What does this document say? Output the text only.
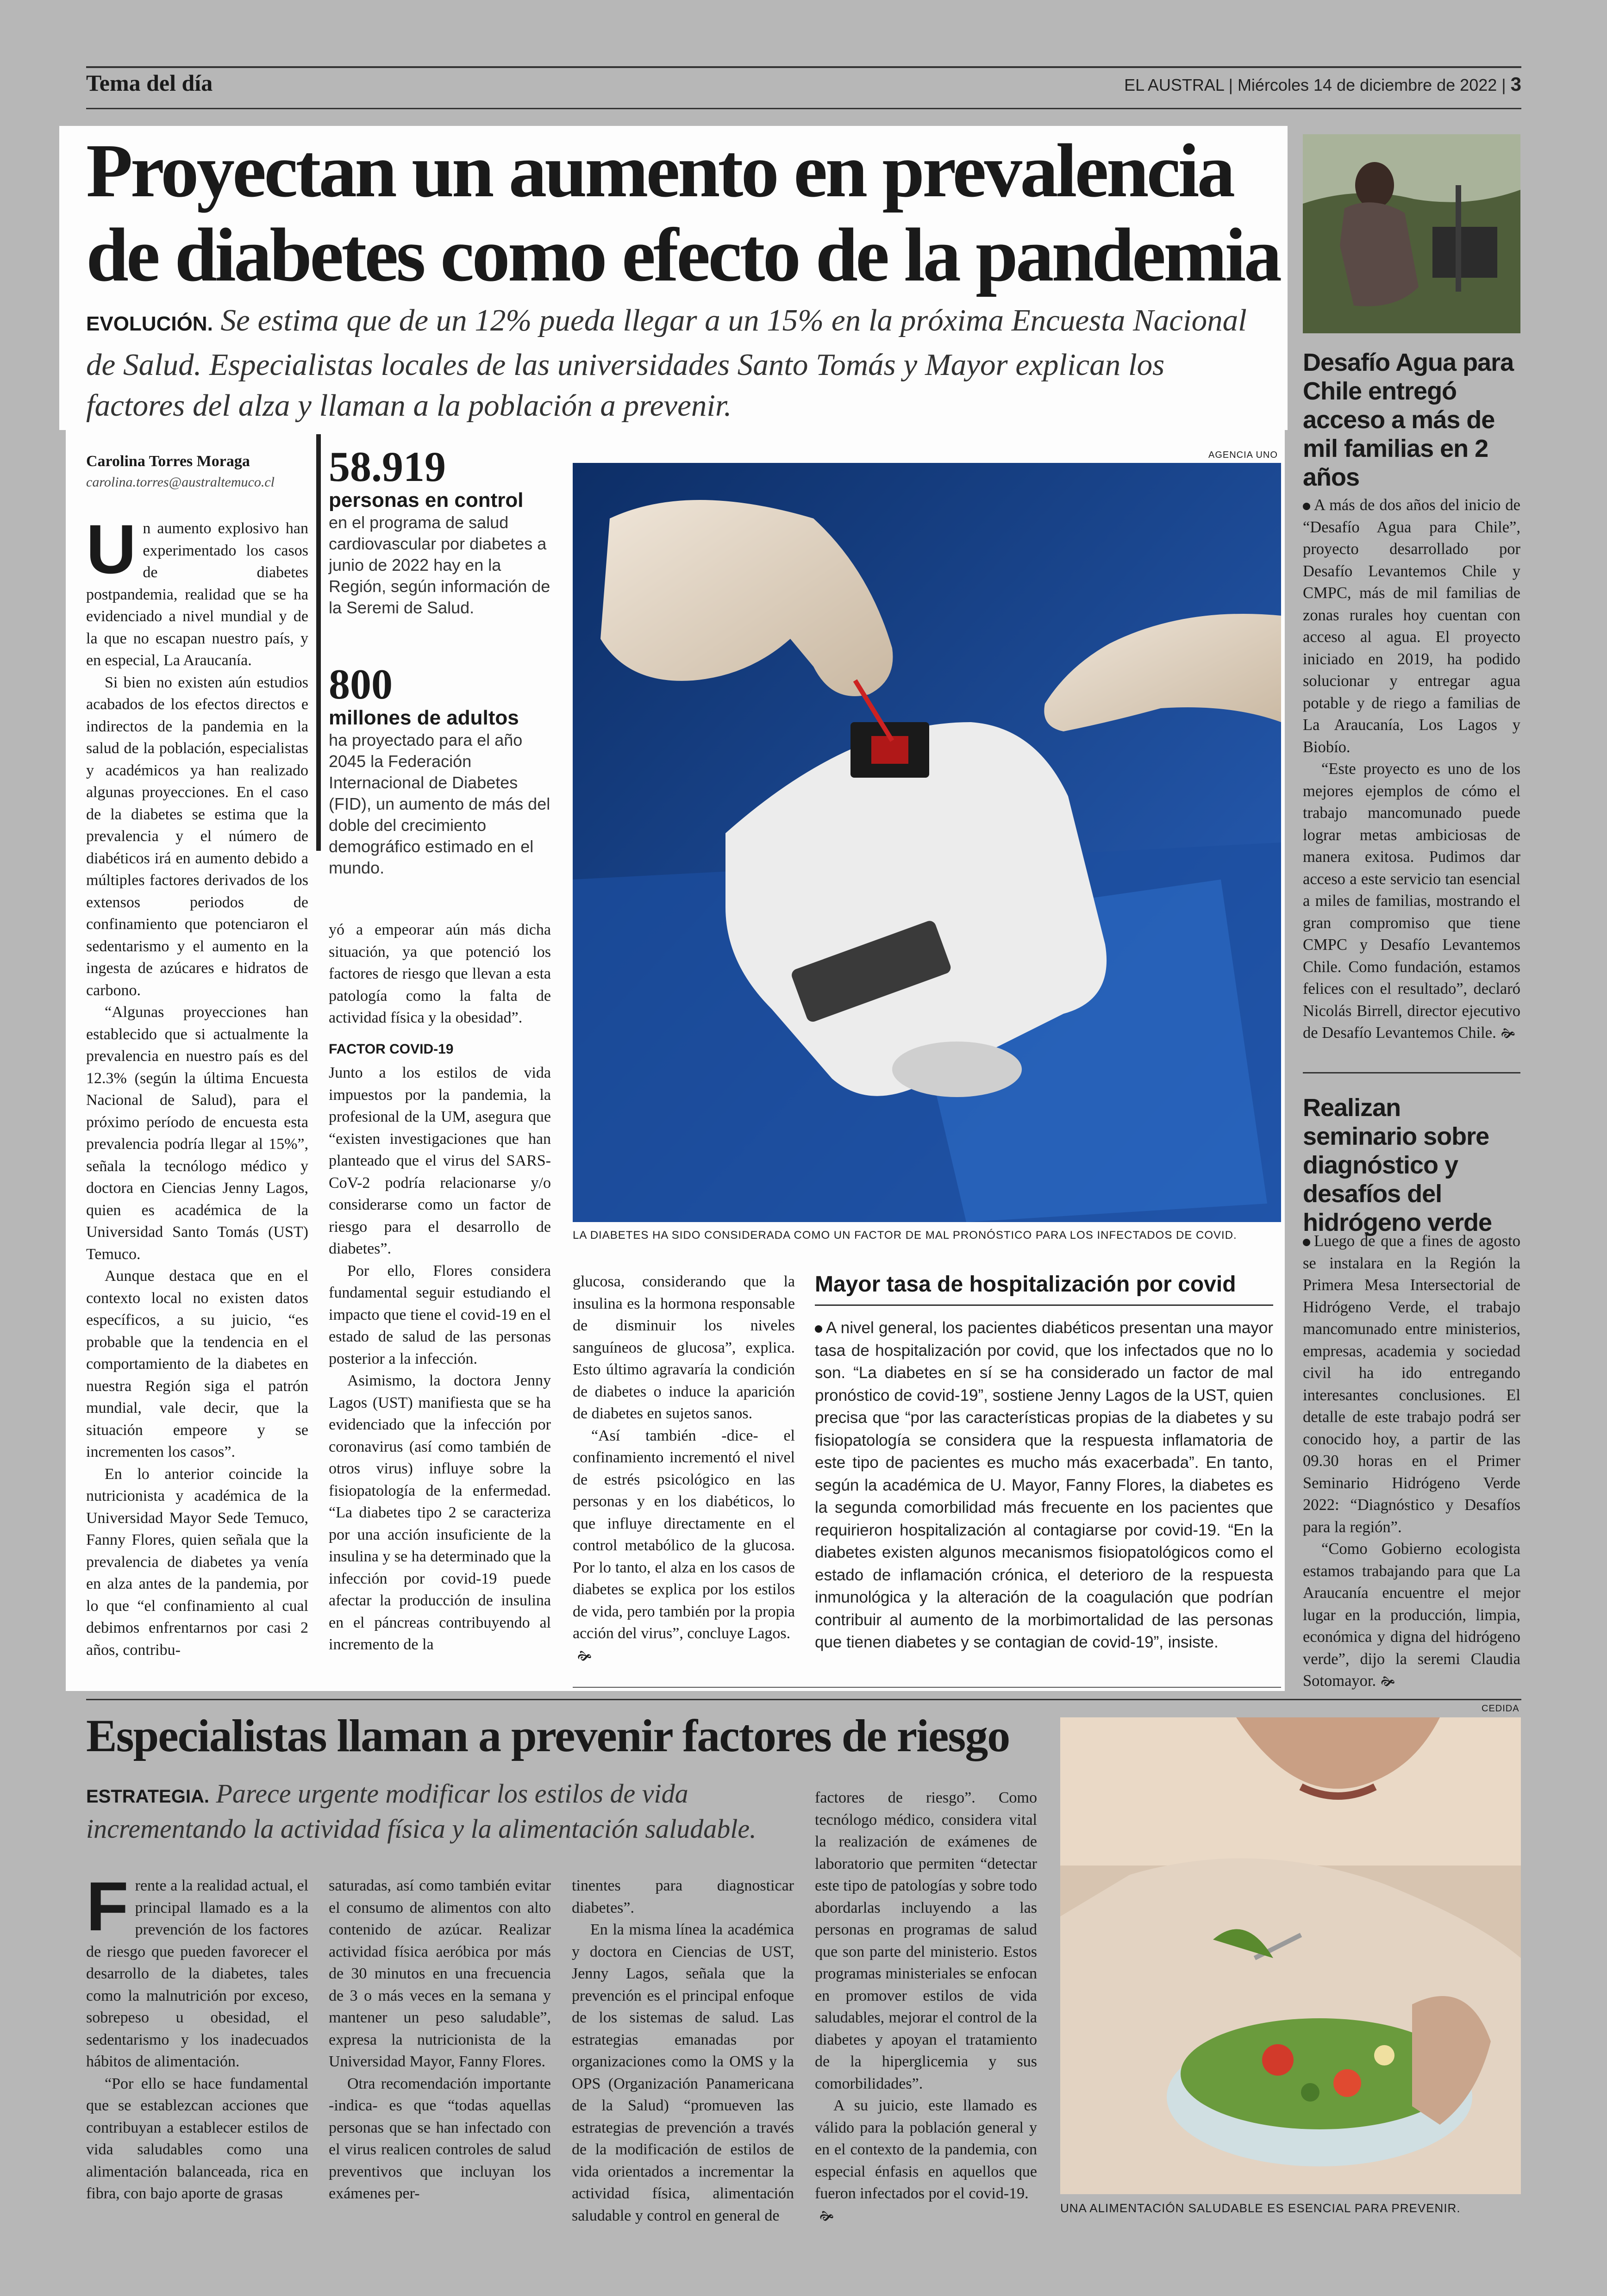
Tema del día	EL AUSTRAL | Miércoles 14 de diciembre de 2022 | 3
Proyectan un aumento en prevalencia
de diabetes como efecto de la pandemia
EVOLUCIÓN. Se estima que de un 12% pueda llegar a un 15% en la próxima Encuesta Nacional de Salud. Especialistas locales de las universidades Santo Tomás y Mayor explican los factores del alza y llaman a la población a prevenir.
Carolina Torres Moraga
carolina.torres@australtemuco.cl
U n aumento explosivo han experimentado los casos de diabetes postpandemia, realidad que se ha evidenciado a nivel mundial y de la que no escapan nuestro país, y en especial, La Araucanía.

Si bien no existen aún estudios acabados de los efectos directos e indirectos de la pandemia en la salud de la población, especialistas y académicos ya han realizado algunas proyecciones. En el caso de la diabetes se estima que la prevalencia y el número de diabéticos irá en aumento debido a múltiples factores derivados de los extensos periodos de confinamiento que potenciaron el sedentarismo y el aumento en la ingesta de azúcares e hidratos de carbono.

“Algunas proyecciones han establecido que si actualmente la prevalencia en nuestro país es del 12.3% (según la última Encuesta Nacional de Salud), para el próximo período de encuesta esta prevalencia podría llegar al 15%”, señala la tecnólogo médico y doctora en Ciencias Jenny Lagos, quien es académica de la Universidad Santo Tomás (UST) Temuco.

Aunque destaca que en el contexto local no existen datos específicos, a su juicio, “es probable que la tendencia en el comportamiento de la diabetes en nuestra Región siga el patrón mundial, vale decir, que la situación empeore y se incrementen los casos”.

En lo anterior coincide la nutricionista y académica de la Universidad Mayor Sede Temuco, Fanny Flores, quien señala que la prevalencia de diabetes ya venía en alza antes de la pandemia, por lo que “el confinamiento al cual debimos enfrentarnos por casi 2 años, contribu-

58.919
personas en control
en el programa de salud cardiovascular por diabetes a junio de 2022 hay en la Región, según información de la Seremi de Salud.
800
millones de adultos
ha proyectado para el año 2045 la Federación Internacional de Diabetes (FID), un aumento de más del doble del crecimiento demográfico estimado en el mundo.

yó a empeorar aún más dicha situación, ya que potenció los factores de riesgo que llevan a esta patología como la falta de actividad física y la obesidad”.

FACTOR COVID-19

Junto a los estilos de vida impuestos por la pandemia, la profesional de la UM, asegura que “existen investigaciones que han planteado que el virus del SARS-CoV-2 podría relacionarse y/o considerarse como un factor de riesgo para el desarrollo de diabetes”.

Por ello, Flores considera fundamental seguir estudiando el impacto que tiene el covid-19 en el estado de salud de las personas posterior a la infección.

Asimismo, la doctora Jenny Lagos (UST) manifiesta que se ha evidenciado que la infección por coronavirus (así como también de otros virus) influye sobre la fisiopatología de la enfermedad. “La diabetes tipo 2 se caracteriza por una acción insuficiente de la insulina y se ha determinado que la infección por covid-19 puede afectar la producción de insulina en el páncreas contribuyendo al incremento de la

glucosa, considerando que la insulina es la hormona responsable de disminuir los niveles sanguíneos de glucosa”, explica. Esto último agravaría la condición de diabetes o induce la aparición de diabetes en sujetos sanos.

“Así también -dice- el confinamiento incrementó el nivel de estrés psicológico en las personas y en los diabéticos, lo que influye directamente en el control metabólico de la glucosa. Por lo tanto, el alza en los casos de diabetes se explica por los estilos de vida, pero también por la propia acción del virus”, concluye Lagos.

🙞
AGENCIA UNO
LA DIABETES HA SIDO CONSIDERADA COMO UN FACTOR DE MAL PRONÓSTICO PARA LOS INFECTADOS DE COVID.
Mayor tasa de hospitalización por covid
A nivel general, los pacientes diabéticos presentan una mayor tasa de hospitalización por covid, que los infectados que no lo son. “La diabetes en sí se ha considerado un factor de mal pronóstico de covid-19”, sostiene Jenny Lagos de la UST, quien precisa que “por las características propias de la diabetes y su fisiopatología se considera que la respuesta inflamatoria de este tipo de pacientes es mucho más exacerbada”. En tanto, según la académica de U. Mayor, Fanny Flores, la diabetes es la segunda comorbilidad más frecuente en los pacientes que requirieron hospitalización al contagiarse por covid-19. “En la diabetes existen algunos mecanismos fisiopatológicos como el estado de inflamación crónica, el deterioro de la respuesta inmunológica y la alteración de la coagulación que podrían contribuir al aumento de la morbimortalidad de las personas que tienen diabetes y se contagian de covid-19”, insiste.
Desafío Agua para Chile entregó acceso a más de mil familias en 2 años

A más de dos años del inicio de “Desafío Agua para Chile”, proyecto desarrollado por Desafío Levantemos Chile y CMPC, más de mil familias de zonas rurales hoy cuentan con acceso al agua. El proyecto iniciado en 2019, ha podido solucionar y entregar agua potable y de riego a familias de La Araucanía, Los Lagos y Biobío.

“Este proyecto es uno de los mejores ejemplos de cómo el trabajo mancomunado puede lograr metas ambiciosas de manera exitosa. Pudimos dar acceso a este servicio tan esencial a miles de familias, mostrando el gran compromiso que tiene CMPC y Desafío Levantemos Chile. Como fundación, estamos felices con el resultado”, declaró Nicolás Birrell, director ejecutivo de Desafío Levantemos Chile. 🙞

Realizan seminario sobre diagnóstico y desafíos del hidrógeno verde

Luego de que a fines de agosto se instalara en la Región la Primera Mesa Intersectorial de Hidrógeno Verde, el trabajo mancomunado entre ministerios, empresas, academia y sociedad civil ha ido entregando interesantes conclusiones. El detalle de este trabajo podrá ser conocido hoy, a partir de las 09.30 horas en el Primer Seminario Hidrógeno Verde 2022: “Diagnóstico y Desafíos para la región”.

“Como Gobierno ecologista estamos trabajando para que La Araucanía encuentre el mejor lugar en la producción, limpia, económica y digna del hidrógeno verde”, dijo la seremi Claudia Sotomayor. 🙞

Especialistas llaman a prevenir factores de riesgo
ESTRATEGIA. Parece urgente modificar los estilos de vida incrementando la actividad física y la alimentación saludable.
F rente a la realidad actual, el principal llamado es a la prevención de los factores de riesgo que pueden favorecer el desarrollo de la diabetes, tales como la malnutrición por exceso, sobrepeso u obesidad, el sedentarismo y los inadecuados hábitos de alimentación.

“Por ello se hace fundamental que se establezcan acciones que contribuyan a establecer estilos de vida saludables como una alimentación balanceada, rica en fibra, con bajo aporte de grasas

saturadas, así como también evitar el consumo de alimentos con alto contenido de azúcar. Realizar actividad física aeróbica por más de 30 minutos en una frecuencia de 3 o más veces en la semana y mantener un peso saludable”, expresa la nutricionista de la Universidad Mayor, Fanny Flores.

Otra recomendación importante -indica- es que “todas aquellas personas que se han infectado con el virus realicen controles de salud preventivos que incluyan los exámenes per-

tinentes para diagnosticar diabetes”.

En la misma línea la académica y doctora en Ciencias de UST, Jenny Lagos, señala que la prevención es el principal enfoque de los sistemas de salud. Las estrategias emanadas por organizaciones como la OMS y la OPS (Organización Panamericana de la Salud) “promueven las estrategias de prevención a través de la modificación de estilos de vida orientados a incrementar la actividad física, alimentación saludable y control en general de

factores de riesgo”. Como tecnólogo médico, considera vital la realización de exámenes de laboratorio que permiten “detectar este tipo de patologías y sobre todo abordarlas incluyendo a las personas en programas de salud que son parte del ministerio. Estos programas ministeriales se enfocan en promover estilos de vida saludables, mejorar el control de la diabetes y apoyan el tratamiento de la hiperglicemia y sus comorbilidades”.

A su juicio, este llamado es válido para la población general y en el contexto de la pandemia, con especial énfasis en aquellos que fueron infectados por el covid-19.

🙞
CEDIDA
UNA ALIMENTACIÓN SALUDABLE ES ESENCIAL PARA PREVENIR.
